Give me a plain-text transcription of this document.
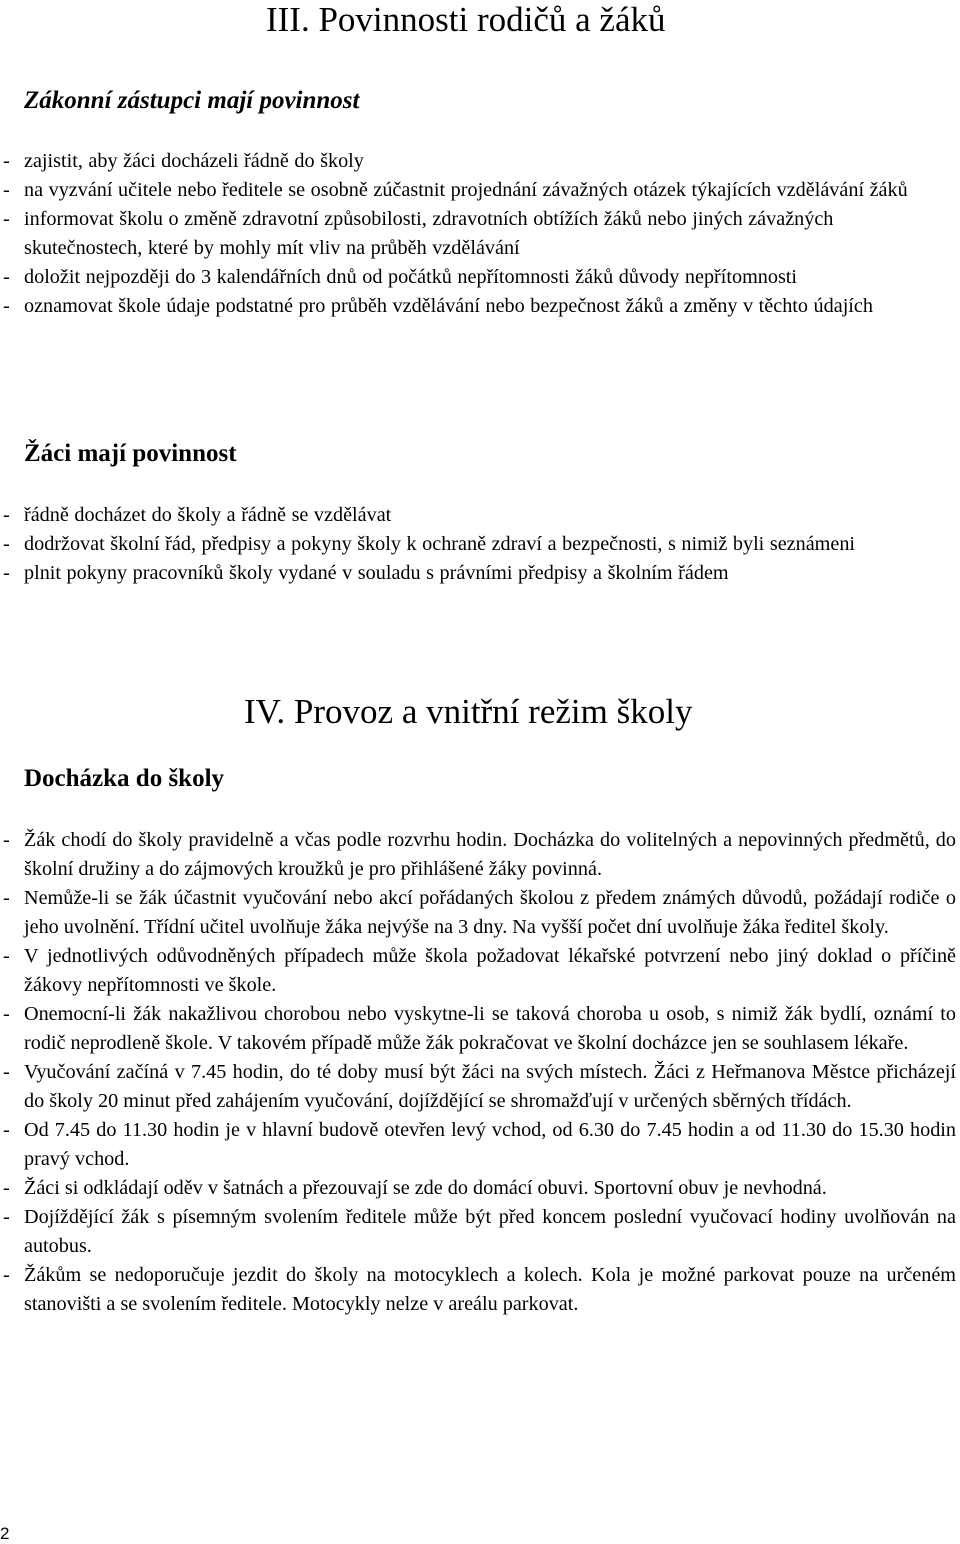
III. Povinnosti rodičů a žáků
Zákonní zástupci mají povinnost
- zajistit, aby žáci docházeli řádně do školy
- na vyzvání učitele nebo ředitele se osobně zúčastnit projednání závažných otázek týkajících vzdělávání žáků
- informovat školu o změně zdravotní způsobilosti, zdravotních obtížích žáků nebo jiných závažných skutečnostech, které by mohly mít vliv na průběh vzdělávání
- doložit nejpozději do 3 kalendářních dnů od počátků nepřítomnosti žáků důvody nepřítomnosti
- oznamovat škole údaje podstatné pro průběh vzdělávání nebo bezpečnost žáků a změny v těchto údajích
Žáci mají povinnost
- řádně docházet do školy a řádně se vzdělávat
- dodržovat školní řád, předpisy a pokyny školy k ochraně zdraví a bezpečnosti, s nimiž byli seznámeni
- plnit pokyny pracovníků školy vydané v souladu s právními předpisy a školním řádem
IV. Provoz a vnitřní režim školy
Docházka do školy
- Žák chodí do školy pravidelně a včas podle rozvrhu hodin. Docházka do volitelných a nepovinných předmětů, do školní družiny a do zájmových kroužků je pro přihlášené žáky povinná.
- Nemůže-li se žák účastnit vyučování nebo akcí pořádaných školou z předem známých důvodů, požádají rodiče o jeho uvolnění. Třídní učitel uvolňuje žáka nejvýše na 3 dny. Na vyšší počet dní uvolňuje žáka ředitel školy.
- V jednotlivých odůvodněných případech může škola požadovat lékařské potvrzení nebo jiný doklad o příčině žákovy nepřítomnosti ve škole.
- Onemocní-li žák nakažlivou chorobou nebo vyskytne-li se taková choroba u osob, s nimiž žák bydlí, oznámí to rodič neprodleně škole. V takovém případě může žák pokračovat ve školní docházce jen se souhlasem lékaře.
- Vyučování začíná v 7.45 hodin, do té doby musí být žáci na svých místech. Žáci z Heřmanova Městce přicházejí do školy 20 minut před zahájením vyučování, dojíždějící se shromažďují v určených sběrných třídách.
- Od 7.45 do 11.30 hodin je v hlavní budově otevřen levý vchod, od 6.30 do 7.45 hodin a od 11.30 do 15.30 hodin pravý vchod.
- Žáci si odkládají oděv v šatnách a přezouvají se zde do domácí obuvi. Sportovní obuv je nevhodná.
- Dojíždějící žák s písemným svolením ředitele může být před koncem poslední vyučovací hodiny uvolňován na autobus.
- Žákům se nedoporučuje jezdit do školy na motocyklech a kolech. Kola je možné parkovat pouze na určeném stanovišti a se svolením ředitele. Motocykly nelze v areálu parkovat.
2
